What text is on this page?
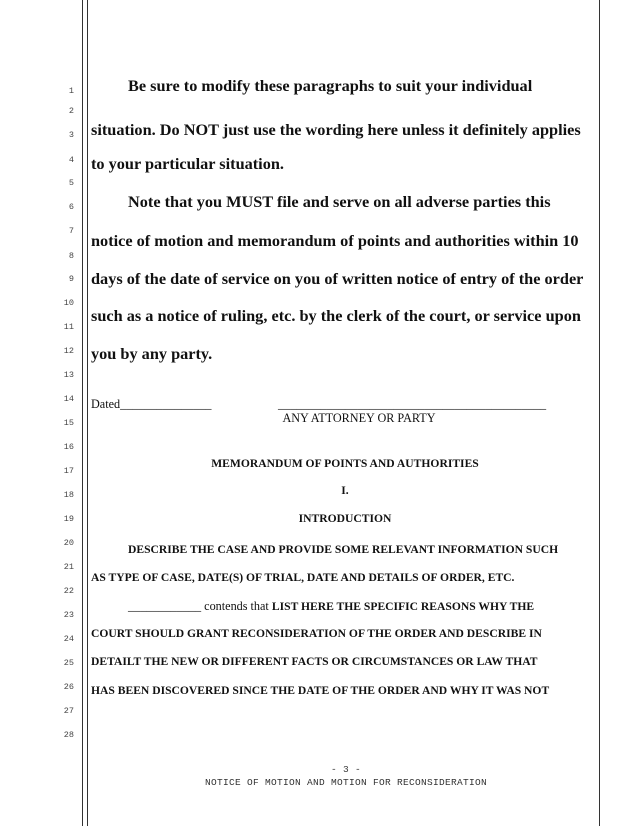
1
2
3
4
5
6
7
8
9
10
11
12
13
14
15
16
17
18
19
20
21
22
23
24
25
26
27
28
Be sure to modify these paragraphs to suit your individual
situation. Do NOT just use the wording here unless it definitely applies
to your particular situation.
Note that you MUST file and serve on all adverse parties this
notice of motion and memorandum of points and authorities within 10
days of the date of service on you of written notice of entry of the order
such as a notice of ruling, etc. by the clerk of the court, or service upon
you by any party.
Dated_______________	____________________________________________
ANY ATTORNEY OR PARTY
MEMORANDUM OF POINTS AND AUTHORITIES
I.
INTRODUCTION
DESCRIBE THE CASE AND PROVIDE SOME RELEVANT INFORMATION SUCH
AS TYPE OF CASE, DATE(S) OF TRIAL, DATE AND DETAILS OF ORDER, ETC.
____________ contends that LIST HERE THE SPECIFIC REASONS WHY THE
COURT SHOULD GRANT RECONSIDERATION OF THE ORDER AND DESCRIBE IN
DETAILT THE NEW OR DIFFERENT FACTS OR CIRCUMSTANCES OR LAW THAT
HAS BEEN DISCOVERED SINCE THE DATE OF THE ORDER AND WHY IT WAS NOT
- 3 -
NOTICE OF MOTION AND MOTION FOR RECONSIDERATION
